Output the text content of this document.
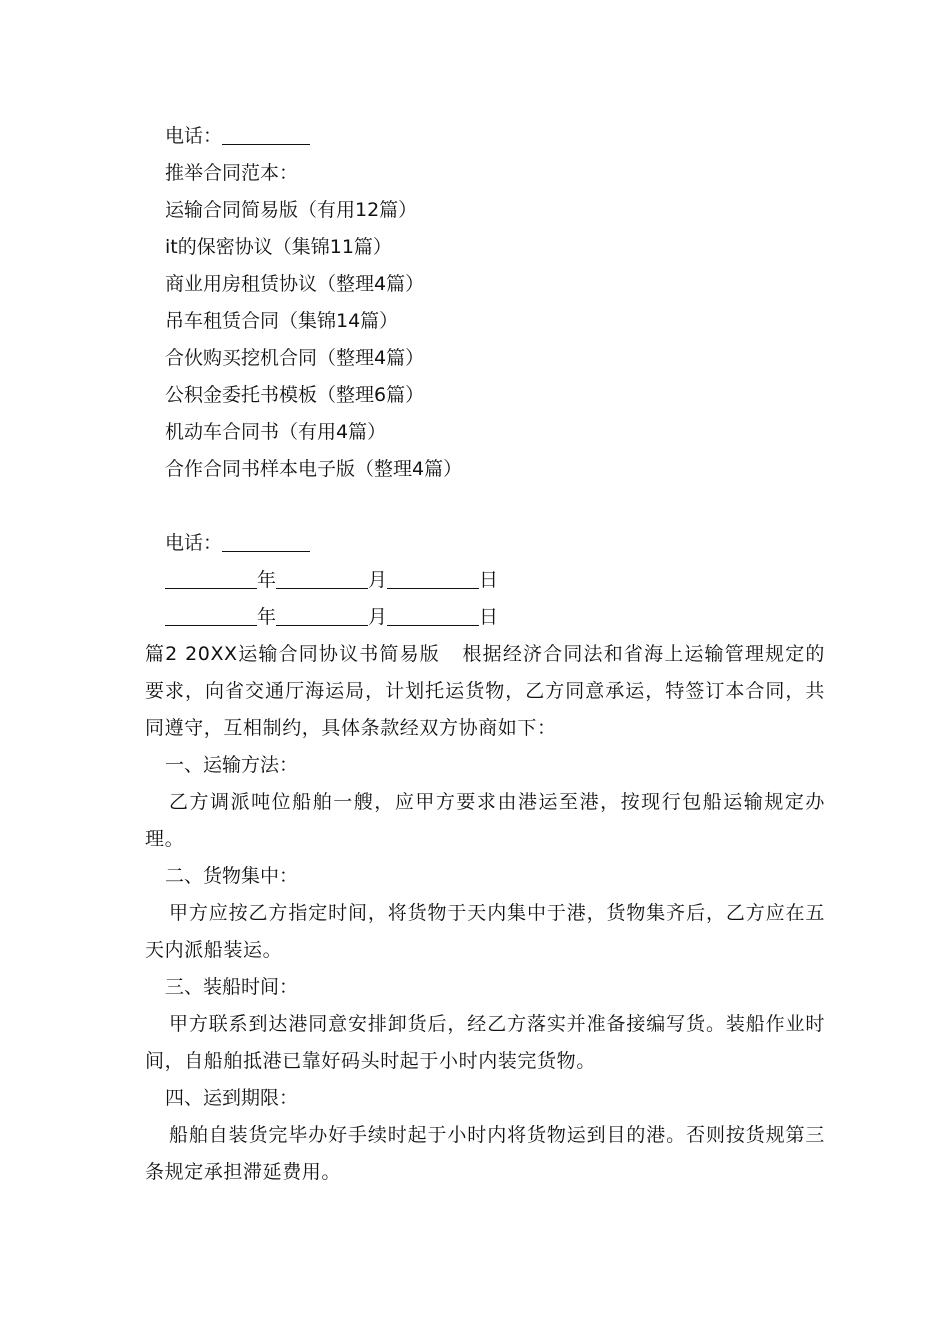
电话：
推举合同范本：
运输合同简易版（有用12篇）
it的保密协议（集锦11篇）
商业用房租赁协议（整理4篇）
吊车租赁合同（集锦14篇）
合伙购买挖机合同（整理4篇）
公积金委托书模板（整理6篇）
机动车合同书（有用4篇）
合作合同书样本电子版（整理4篇）
电话：
年	月	日
年	月	日
篇2 20XX运输合同协议书简易版 根据经济合同法和省海上运输管理规定的要求，向省交通厅海运局，计划托运货物，乙方同意承运，特签订本合同，共同遵守，互相制约，具体条款经双方协商如下：
一、运输方法：
乙方调派吨位船舶一艘，应甲方要求由港运至港，按现行包船运输规定办理。
二、货物集中：
甲方应按乙方指定时间，将货物于天内集中于港，货物集齐后，乙方应在五天内派船装运。
三、装船时间：
甲方联系到达港同意安排卸货后，经乙方落实并准备接编写货。装船作业时间，自船舶抵港已靠好码头时起于小时内装完货物。
四、运到期限：
船舶自装货完毕办好手续时起于小时内将货物运到目的港。否则按货规第三条规定承担滞延费用。
